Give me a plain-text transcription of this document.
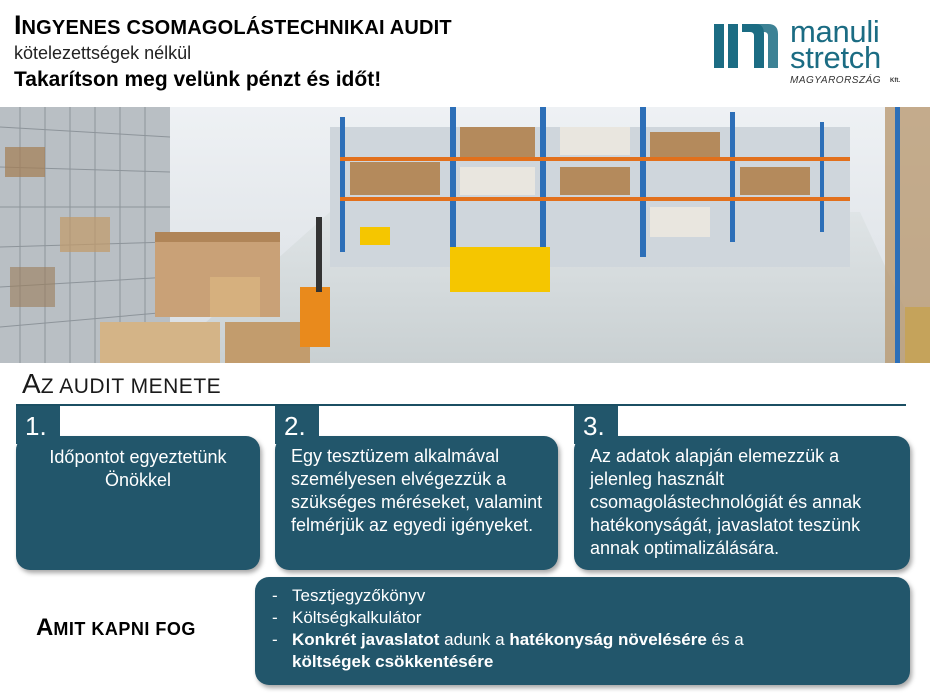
INGYENES CSOMAGOLÁSTECHNIKAI AUDIT
kötelezettségek nélkül
Takarítson meg velünk pénzt és időt!
manuli
stretch
MAGYARORSZÁG Kft.
AZ AUDIT MENETE
1.
Időpontot egyeztetünk Önökkel
2.
Egy tesztüzem alkalmával személyesen elvégezzük a szükséges méréseket, valamint felmérjük az egyedi igényeket.
3.
Az adatok alapján elemezzük a jelenleg használt csomagolástechnológiát és annak hatékonyságát, javaslatot teszünk annak optimalizálására.
AMIT KAPNI FOG
- Tesztjegyzőkönyv
- Költségkalkulátor
- Konkrét javaslatot adunk a hatékonyság növelésére és a
költségek csökkentésére
